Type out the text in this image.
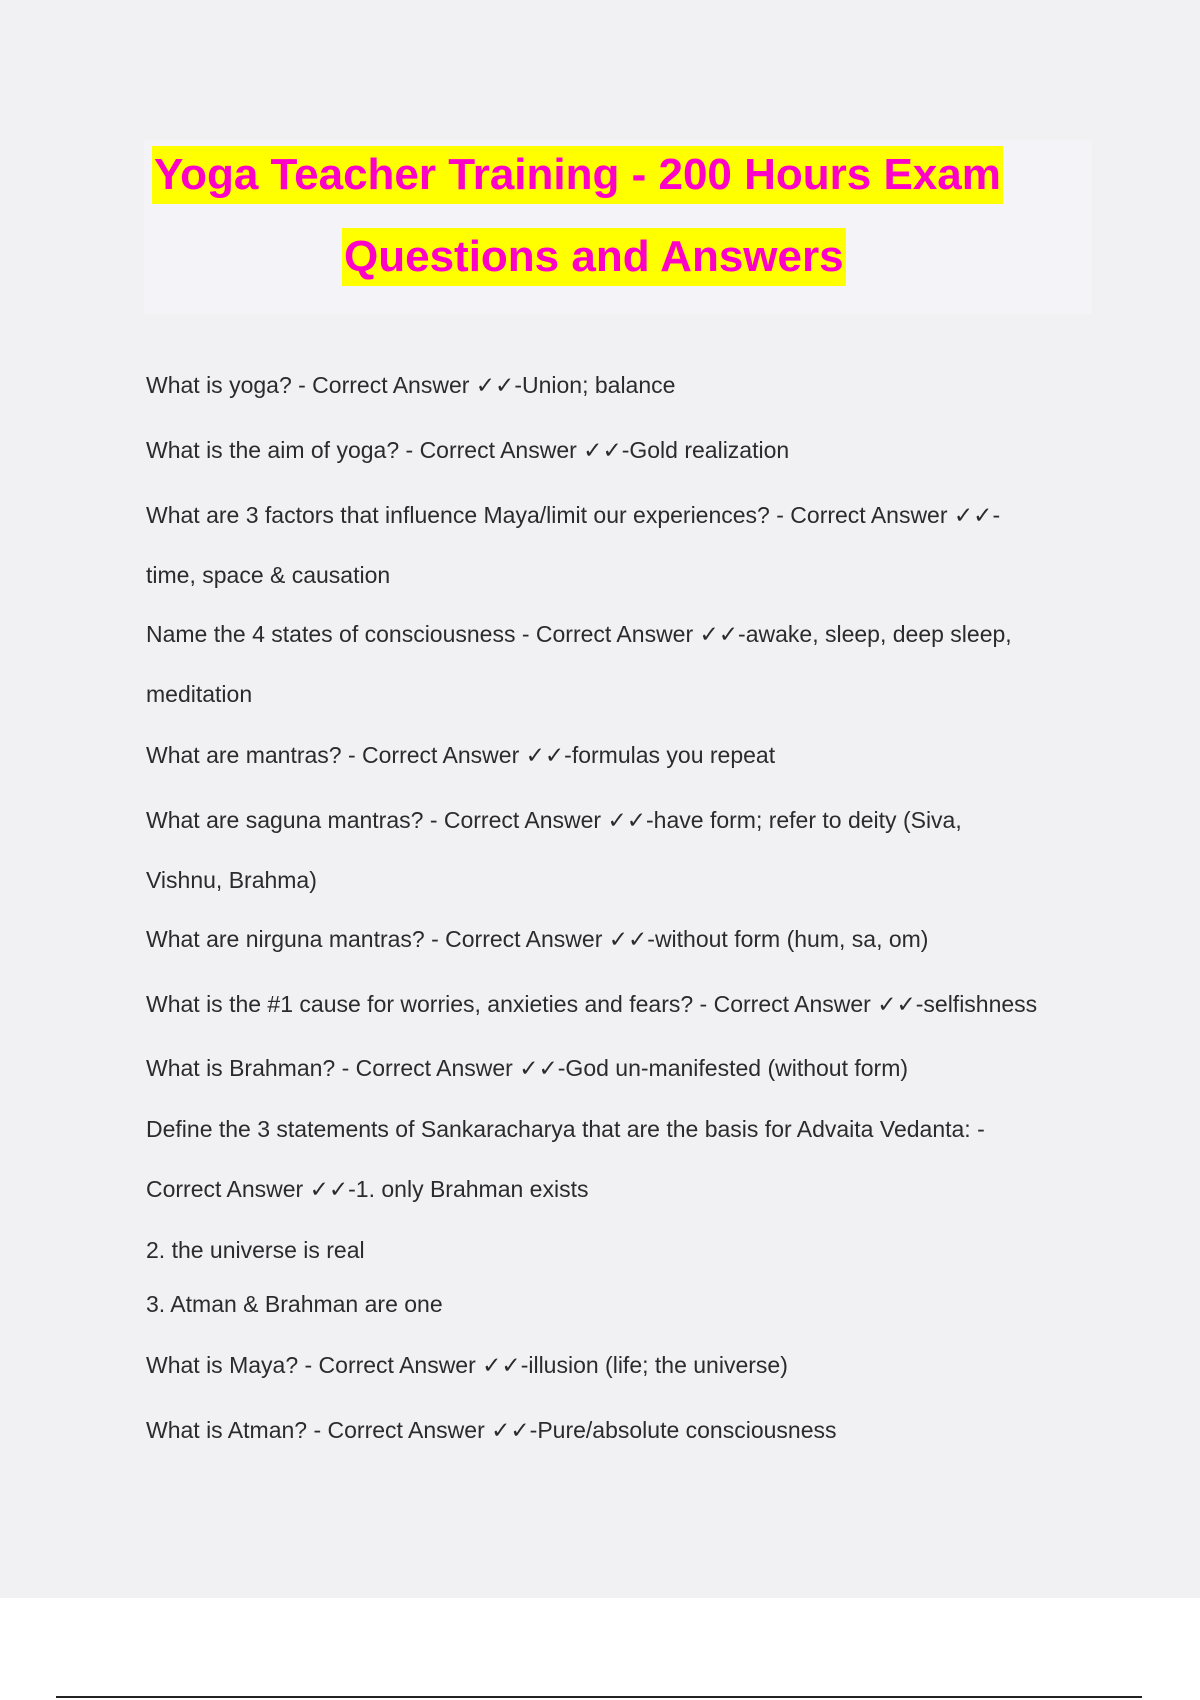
Yoga Teacher Training - 200 Hours Exam
Questions and Answers
What is yoga? - Correct Answer ✓✓-Union; balance
What is the aim of yoga? - Correct Answer ✓✓-Gold realization
What are 3 factors that influence Maya/limit our experiences? - Correct Answer ✓✓-
time, space & causation
Name the 4 states of consciousness - Correct Answer ✓✓-awake, sleep, deep sleep,
meditation
What are mantras? - Correct Answer ✓✓-formulas you repeat
What are saguna mantras? - Correct Answer ✓✓-have form; refer to deity (Siva,
Vishnu, Brahma)
What are nirguna mantras? - Correct Answer ✓✓-without form (hum, sa, om)
What is the #1 cause for worries, anxieties and fears? - Correct Answer ✓✓-selfishness
What is Brahman? - Correct Answer ✓✓-God un-manifested (without form)
Define the 3 statements of Sankaracharya that are the basis for Advaita Vedanta: -
Correct Answer ✓✓-1. only Brahman exists
2. the universe is real
3. Atman & Brahman are one
What is Maya? - Correct Answer ✓✓-illusion (life; the universe)
What is Atman? - Correct Answer ✓✓-Pure/absolute consciousness
